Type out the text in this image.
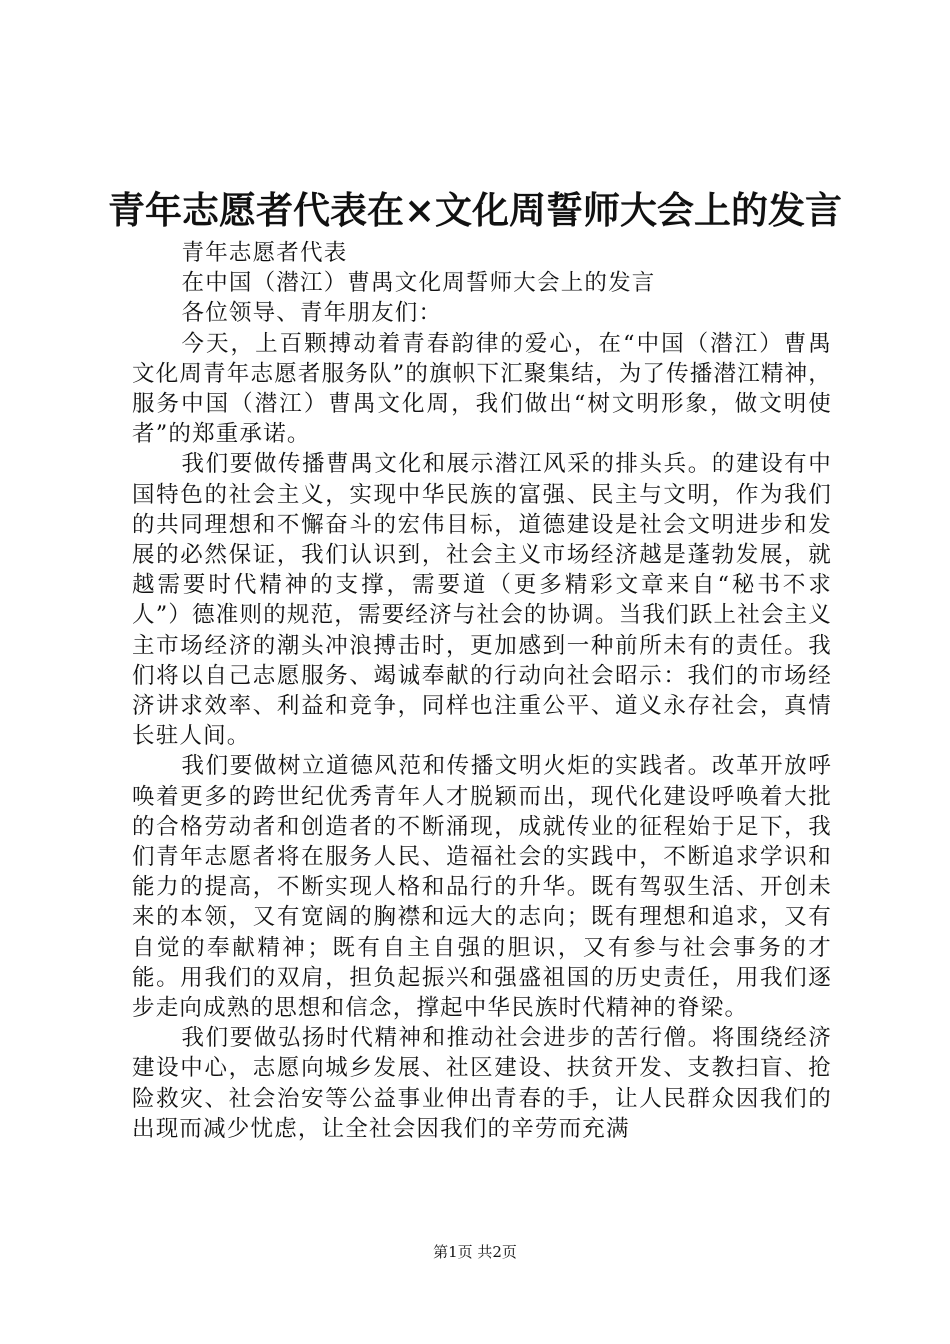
青年志愿者代表在×文化周誓师大会上的发言

青年志愿者代表

在中国（潜江）曹禺文化周誓师大会上的发言

各位领导、青年朋友们：

今天，上百颗搏动着青春韵律的爱心，在“中国（潜江）曹禺文化周青年志愿者服务队”的旗帜下汇聚集结，为了传播潜江精神，服务中国（潜江）曹禺文化周，我们做出“树文明形象，做文明使者”的郑重承诺。

我们要做传播曹禺文化和展示潜江风采的排头兵。的建设有中国特色的社会主义，实现中华民族的富强、民主与文明，作为我们的共同理想和不懈奋斗的宏伟目标，道德建设是社会文明进步和发展的必然保证，我们认识到，社会主义市场经济越是蓬勃发展，就越需要时代精神的支撑，需要道（更多精彩文章来自“秘书不求人”）德准则的规范，需要经济与社会的协调。当我们跃上社会主义主市场经济的潮头冲浪搏击时，更加感到一种前所未有的责任。我们将以自己志愿服务、竭诚奉献的行动向社会昭示：我们的市场经济讲求效率、利益和竞争，同样也注重公平、道义永存社会，真情长驻人间。

我们要做树立道德风范和传播文明火炬的实践者。改革开放呼唤着更多的跨世纪优秀青年人才脱颖而出，现代化建设呼唤着大批的合格劳动者和创造者的不断涌现，成就传业的征程始于足下，我们青年志愿者将在服务人民、造福社会的实践中，不断追求学识和能力的提高，不断实现人格和品行的升华。既有驾驭生活、开创未来的本领，又有宽阔的胸襟和远大的志向；既有理想和追求，又有自觉的奉献精神；既有自主自强的胆识，又有参与社会事务的才能。用我们的双肩，担负起振兴和强盛祖国的历史责任，用我们逐步走向成熟的思想和信念，撑起中华民族时代精神的脊梁。

我们要做弘扬时代精神和推动社会进步的苦行僧。将围绕经济建设中心，志愿向城乡发展、社区建设、扶贫开发、支教扫盲、抢险救灾、社会治安等公益事业伸出青春的手，让人民群众因我们的出现而减少忧虑，让全社会因我们的辛劳而充满

第1页 共2页
